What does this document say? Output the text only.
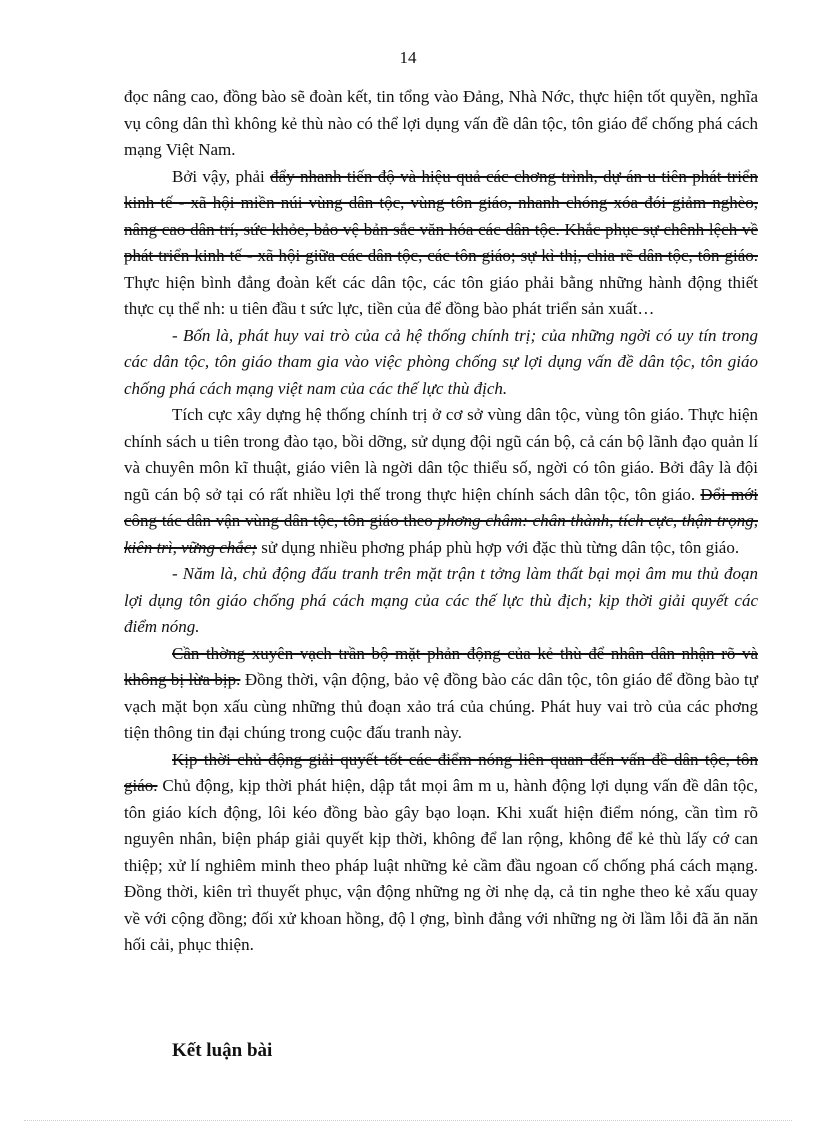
14

đọc nâng cao, đồng bào sẽ đoàn kết, tin tổng vào Đảng, Nhà Nớc, thực hiện tốt quyền, nghĩa vụ công dân thì không kẻ thù nào có thể lợi dụng vấn đề dân tộc, tôn giáo để chống phá cách mạng Việt Nam.

Bởi vậy, phải đẩy nhanh tiến độ và hiệu quả các chơng trình, dự án u tiên phát triển kinh tế - xã hội miền núi vùng dân tộc, vùng tôn giáo, nhanh chóng xóa đói giảm nghèo, nâng cao dân trí, sức khỏe, bảo vệ bản sắc văn hóa các dân tộc. Khắc phục sự chênh lệch về phát triển kinh tế - xã hội giữa các dân tộc, các tôn giáo; sự kì thị, chia rẽ dân tộc, tôn giáo. Thực hiện bình đẳng đoàn kết các dân tộc, các tôn giáo phải bằng những hành động thiết thực cụ thể nh: u tiên đầu t sức lực, tiền của để đồng bào phát triển sản xuất…

- Bốn là, phát huy vai trò của cả hệ thống chính trị; của những ngời có uy tín trong các dân tộc, tôn giáo tham gia vào việc phòng chống sự lợi dụng vấn đề dân tộc, tôn giáo chống phá cách mạng việt nam của các thế lực thù địch.

Tích cực xây dựng hệ thống chính trị ở cơ sở vùng dân tộc, vùng tôn giáo. Thực hiện chính sách u tiên trong đào tạo, bồi dỡng, sử dụng đội ngũ cán bộ, cả cán bộ lãnh đạo quản lí và chuyên môn kĩ thuật, giáo viên là ngời dân tộc thiểu số, ngời có tôn giáo. Bởi đây là đội ngũ cán bộ sở tại có rất nhiều lợi thế trong thực hiện chính sách dân tộc, tôn giáo. Đổi mới công tác dân vận vùng dân tộc, tôn giáo theo phơng châm: chân thành, tích cực, thận trọng, kiên trì, vững chắc; sử dụng nhiều phơng pháp phù hợp với đặc thù từng dân tộc, tôn giáo.

- Năm là, chủ động đấu tranh trên mặt trận t tởng làm thất bại mọi âm mu thủ đoạn lợi dụng tôn giáo chống phá cách mạng của các thế lực thù địch; kịp thời giải quyết các điểm nóng.

Cần thờng xuyên vạch trần bộ mặt phản động của kẻ thù để nhân dân nhận rõ và không bị lừa bịp. Đồng thời, vận động, bảo vệ đồng bào các dân tộc, tôn giáo để đồng bào tự vạch mặt bọn xấu cùng những thủ đoạn xảo trá của chúng. Phát huy vai trò của các phơng tiện thông tin đại chúng trong cuộc đấu tranh này.

Kịp thời chủ động giải quyết tốt các điểm nóng liên quan đến vấn đề dân tộc, tôn giáo. Chủ động, kịp thời phát hiện, dập tắt mọi âm m u, hành động lợi dụng vấn đề dân tộc, tôn giáo kích động, lôi kéo đồng bào gây bạo loạn. Khi xuất hiện điểm nóng, cần tìm rõ nguyên nhân, biện pháp giải quyết kịp thời, không để lan rộng, không để kẻ thù lấy cớ can thiệp; xử lí nghiêm minh theo pháp luật những kẻ cầm đầu ngoan cố chống phá cách mạng. Đồng thời, kiên trì thuyết phục, vận động những ng ời nhẹ dạ, cả tin nghe theo kẻ xấu quay về với cộng đồng; đối xử khoan hồng, độ l ợng, bình đẳng với những ng ời lầm lỗi đã ăn năn hối cải, phục thiện.

Kết luận bài
